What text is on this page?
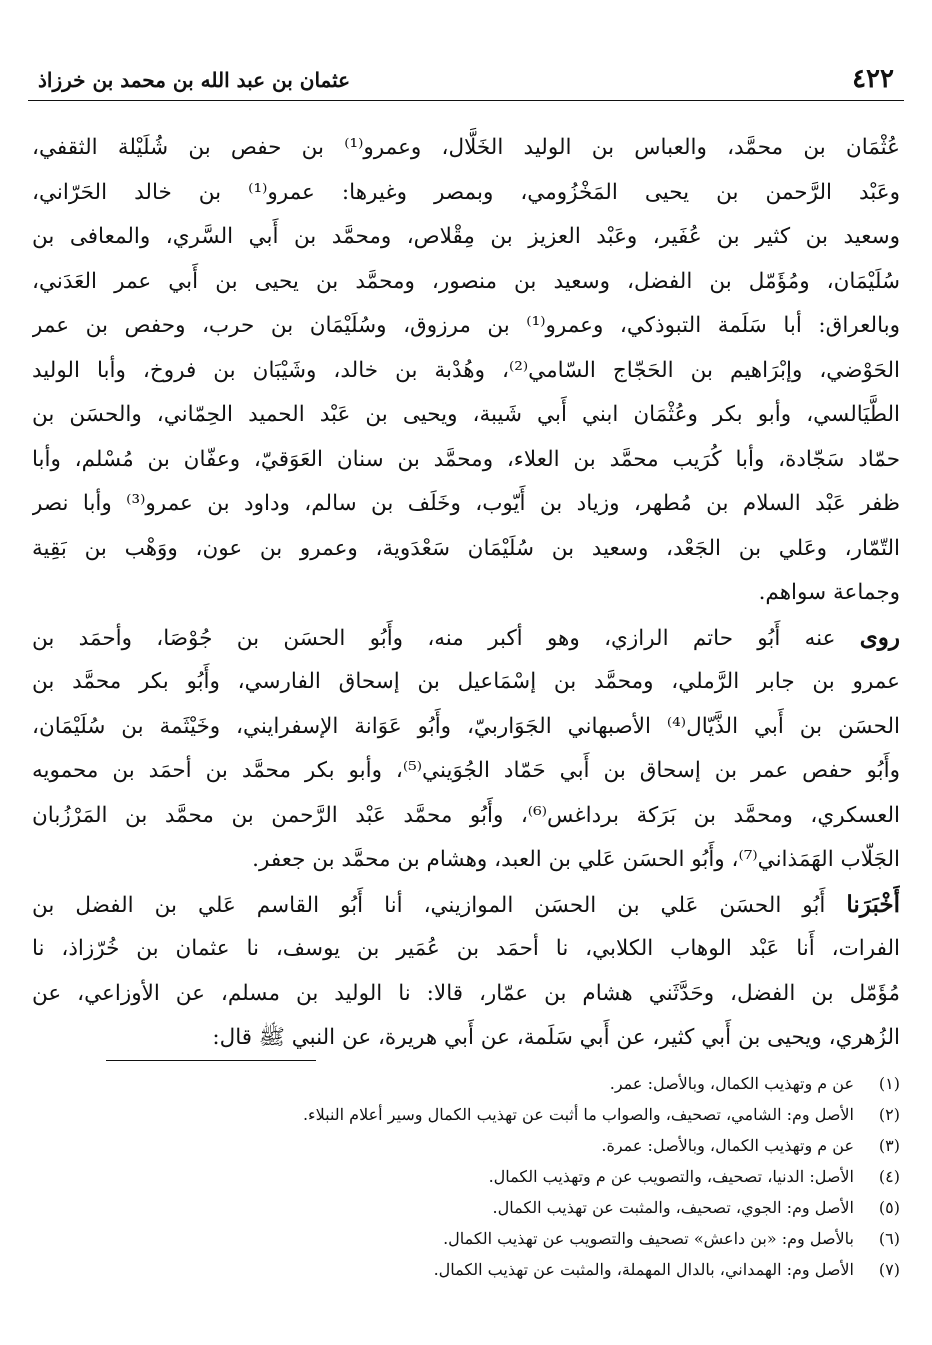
٤٢٢
عثمان بن عبد الله بن محمد بن خرزاذ
عُثْمَان بن محمَّد، والعباس بن الوليد الخَلَّال، وعمرو⁽¹⁾ بن حفص بن شُلَيْلة الثقفي،
وعَبْد الرَّحمن بن يحيى المَخْزُومي، وبمصر وغيرها: عمرو⁽¹⁾ بن خالد الحَرّاني،
وسعيد بن كثير بن عُفَير، وعَبْد العزيز بن مِقْلاص، ومحمَّد بن أَبي السَّري، والمعافى بن
سُلَيْمَان، ومُؤَمّل بن الفضل، وسعيد بن منصور، ومحمَّد بن يحيى بن أَبي عمر العَدَني،
وبالعراق: أبا سَلَمة التبوذكي، وعمرو⁽¹⁾ بن مرزوق، وسُلَيْمَان بن حرب، وحفص بن عمر
الحَوْضي، وإبْرَاهيم بن الحَجّاج السّامي⁽²⁾، وهُدْبة بن خالد، وشَيْبَان بن فروخ، وأبا الوليد
الطَّيَالسي، وأبو بكر وعُثْمَان ابني أَبي شَيبة، ويحيى بن عَبْد الحميد الحِمّاني، والحسَن بن
حمّاد سَجّادة، وأبا كُرَيب محمَّد بن العلاء، ومحمَّد بن سنان العَوَقيّ، وعفّان بن مُسْلم، وأبا
ظفر عَبْد السلام بن مُطهر، وزياد بن أَيّوب، وخَلَف بن سالم، وداود بن عمرو⁽³⁾ وأبا نصر
التّمّار، وعَلي بن الجَعْد، وسعيد بن سُلَيْمَان سَعْدَوية، وعمرو بن عون، ووَهْب بن بَقِية
وجماعة سواهم.
روى عنه أَبُو حاتم الرازي، وهو أكبر منه، وأَبُو الحسَن بن جُوْصَا، وأحمَد بن
عمرو بن جابر الرَّملي، ومحمَّد بن إسْمَاعيل بن إسحاق الفارسي، وأَبُو بكر محمَّد بن
الحسَن بن أَبي الذَّيّال⁽⁴⁾ الأصبهاني الجَوَاربيّ، وأَبُو عَوَانة الإسفرايني، وخَيْثَمة بن سُلَيْمَان،
وأَبُو حفص عمر بن إسحاق بن أَبي حَمّاد الجُوَيني⁽⁵⁾، وأبو بكر محمَّد بن أحمَد بن محمويه
العسكري، ومحمَّد بن بَرَكة برداغس⁽⁶⁾، وأَبُو محمَّد عَبْد الرَّحمن بن محمَّد بن المَرْزُبان
الجَلّاب الهَمَذاني⁽⁷⁾، وأَبُو الحسَن عَلي بن العبد، وهشام بن محمَّد بن جعفر.
أَخْبَرَنا أَبُو الحسَن عَلي بن الحسَن الموازيني، أنا أَبُو القاسم عَلي بن الفضل بن
الفرات، أَنا عَبْد الوهاب الكلابي، نا أحمَد بن عُمَير بن يوسف، نا عثمان بن خُرّزاذ، نا
مُؤَمّل بن الفضل، وحَدَّثَني هشام بن عمّار، قالا: نا الوليد بن مسلم، عن الأوزاعي، عن
الزُهري، ويحيى بن أَبي كثير، عن أَبي سَلَمة، عن أَبي هريرة، عن النبي ﷺ قال:
(١)عن م وتهذيب الكمال، وبالأصل: عمر.
(٢)الأصل وم: الشامي، تصحيف، والصواب ما أثبت عن تهذيب الكمال وسير أعلام النبلاء.
(٣)عن م وتهذيب الكمال، وبالأصل: عمرة.
(٤)الأصل: الدنيا، تصحيف، والتصويب عن م وتهذيب الكمال.
(٥)الأصل وم: الجوي، تصحيف، والمثبت عن تهذيب الكمال.
(٦)بالأصل وم: «بن داعش» تصحيف والتصويب عن تهذيب الكمال.
(٧)الأصل وم: الهمداني، بالدال المهملة، والمثبت عن تهذيب الكمال.
